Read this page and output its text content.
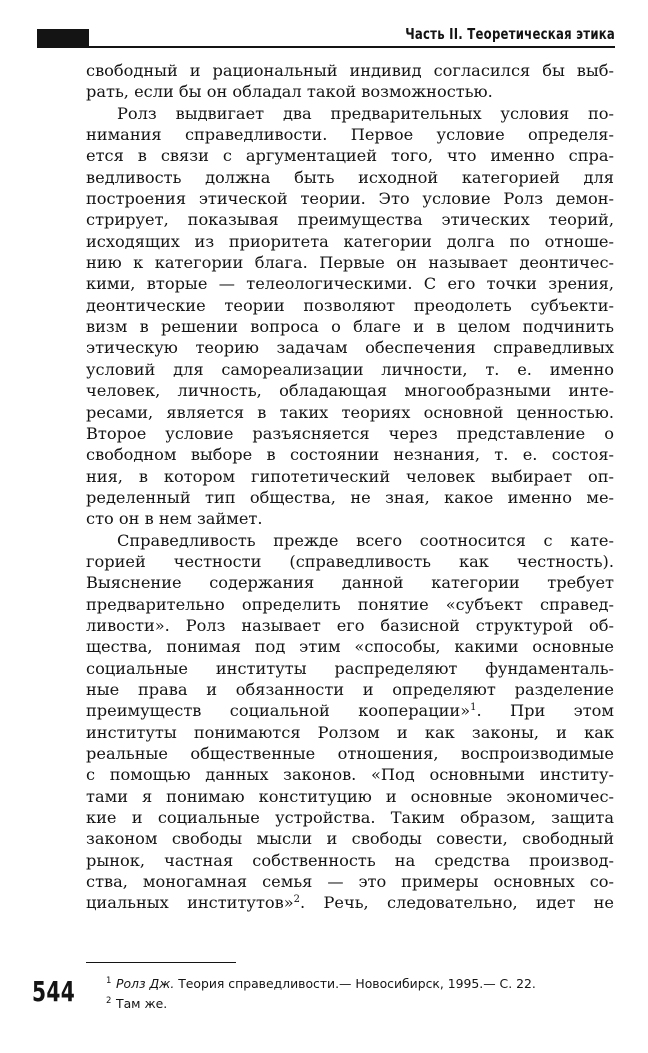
Часть II. Теоретическая этика
свободный и рациональный индивид согласился бы выб-
рать, если бы он обладал такой возможностью.
Ролз выдвигает два предварительных условия по-
нимания справедливости. Первое условие определя-
ется в связи с аргументацией того, что именно спра-
ведливость должна быть исходной категорией для
построения этической теории. Это условие Ролз демон-
стрирует, показывая преимущества этических теорий,
исходящих из приоритета категории долга по отноше-
нию к категории блага. Первые он называет деонтичес-
кими, вторые — телеологическими. С его точки зрения,
деонтические теории позволяют преодолеть субъекти-
визм в решении вопроса о благе и в целом подчинить
этическую теорию задачам обеспечения справедливых
условий для самореализации личности, т. е. именно
человек, личность, обладающая многообразными инте-
ресами, является в таких теориях основной ценностью.
Второе условие разъясняется через представление о
свободном выборе в состоянии незнания, т. е. состоя-
ния, в котором гипотетический человек выбирает оп-
ределенный тип общества, не зная, какое именно ме-
сто он в нем займет.
Справедливость прежде всего соотносится с кате-
горией честности (справедливость как честность).
Выяснение содержания данной категории требует
предварительно определить понятие «субъект справед-
ливости». Ролз называет его базисной структурой об-
щества, понимая под этим «способы, какими основные
социальные институты распределяют фундаменталь-
ные права и обязанности и определяют разделение
преимуществ социальной кооперации»$^1$. При этом
институты понимаются Ролзом и как законы, и как
реальные общественные отношения, воспроизводимые
с помощью данных законов. «Под основными институ-
тами я понимаю конституцию и основные экономичес-
кие и социальные устройства. Таким образом, защита
законом свободы мысли и свободы совести, свободный
рынок, частная собственность на средства производ-
ства, моногамная семья — это примеры основных со-
циальных институтов»$^2$. Речь, следовательно, идет не
544	1 Ролз Дж. Теория справедливости.— Новосибирск, 1995.— С. 22.
2 Там же.
